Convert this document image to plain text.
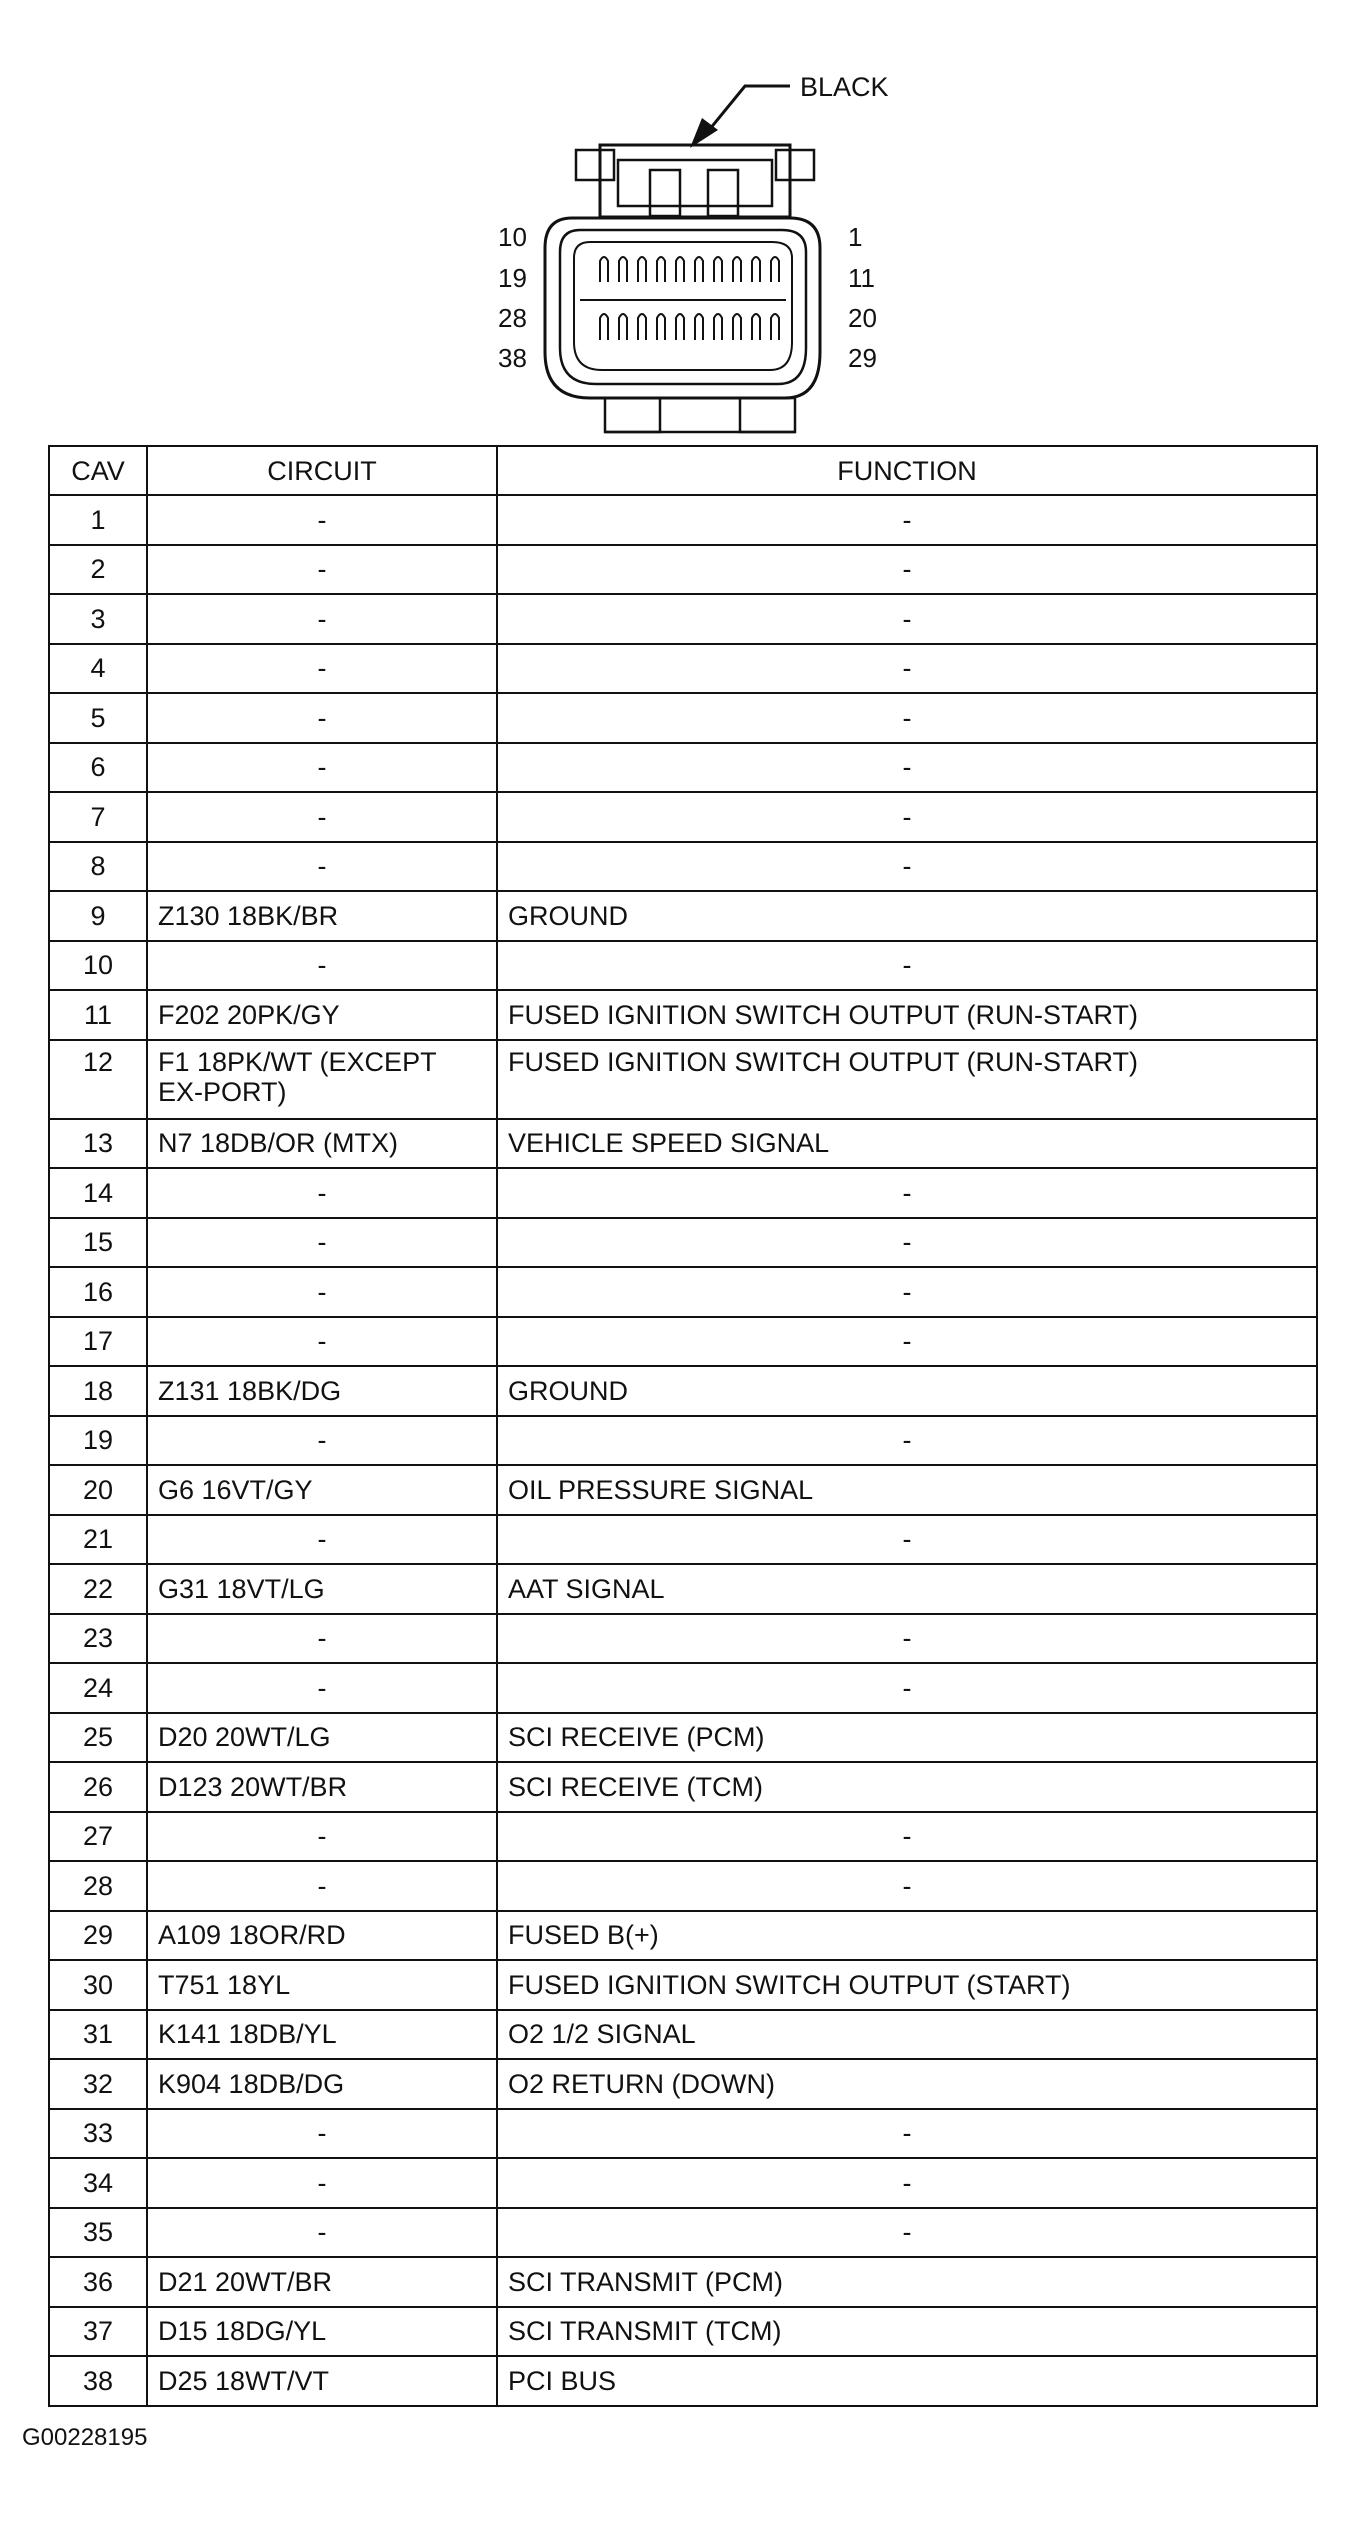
BLACK
10
19
28
38
1
11
20
29
CAV	CIRCUIT	FUNCTION
1	-	-
2	-	-
3	-	-
4	-	-
5	-	-
6	-	-
7	-	-
8	-	-
9	Z130 18BK/BR	GROUND
10	-	-
11	F202 20PK/GY	FUSED IGNITION SWITCH OUTPUT (RUN-START)
12	F1 18PK/WT (EXCEPT EX-PORT)	FUSED IGNITION SWITCH OUTPUT (RUN-START)
13	N7 18DB/OR (MTX)	VEHICLE SPEED SIGNAL
14	-	-
15	-	-
16	-	-
17	-	-
18	Z131 18BK/DG	GROUND
19	-	-
20	G6 16VT/GY	OIL PRESSURE SIGNAL
21	-	-
22	G31 18VT/LG	AAT SIGNAL
23	-	-
24	-	-
25	D20 20WT/LG	SCI RECEIVE (PCM)
26	D123 20WT/BR	SCI RECEIVE (TCM)
27	-	-
28	-	-
29	A109 18OR/RD	FUSED B(+)
30	T751 18YL	FUSED IGNITION SWITCH OUTPUT (START)
31	K141 18DB/YL	O2 1/2 SIGNAL
32	K904 18DB/DG	O2 RETURN (DOWN)
33	-	-
34	-	-
35	-	-
36	D21 20WT/BR	SCI TRANSMIT (PCM)
37	D15 18DG/YL	SCI TRANSMIT (TCM)
38	D25 18WT/VT	PCI BUS
G00228195
